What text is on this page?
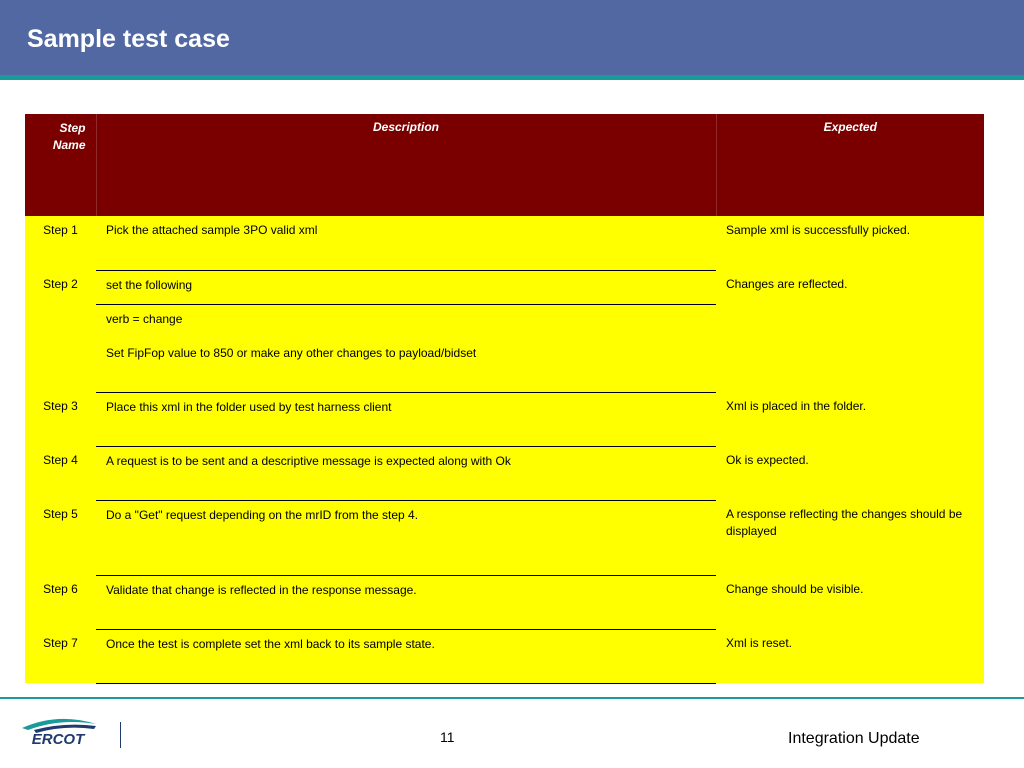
Sample test case
Step Name	Description	Expected
Step 1	Pick the attached sample 3PO valid xml	Sample xml is successfully picked.
Step 2	set the following	Changes are reflected.

	verb = change

Set FipFop value to 850 or make any other changes to payload/bidset	

Step 3	Place this xml in the folder used by test harness client	Xml is placed in the folder.
Step 4	A request is to be sent and a descriptive message is expected along with Ok	Ok is expected.
Step 5	Do a "Get" request depending on the mrID from the step 4.	A response reflecting the changes should be displayed
Step 6	Validate that change is reflected in the response message.	Change should be visible.
Step 7	Once the test is complete set the xml back to its sample state.	Xml is reset.
ERCOT	11	Integration Update
